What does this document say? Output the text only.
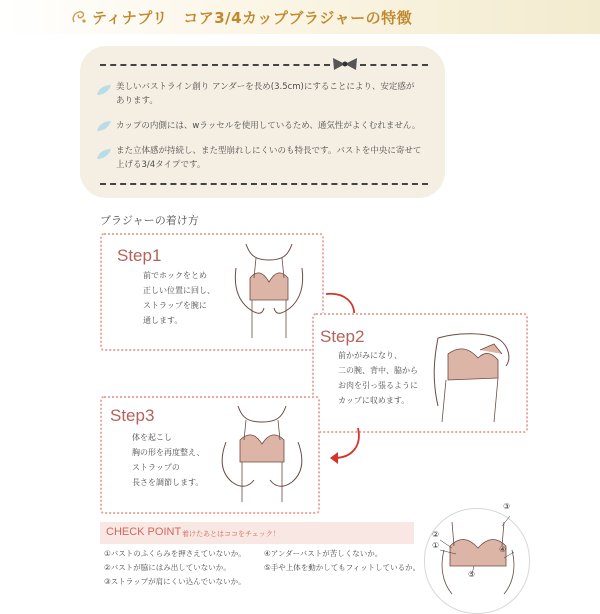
ティナプリ　コア3/4カップブラジャーの特徴
美しいバストライン創り アンダーを長め(3.5cm)にすることにより、安定感が
あります。
カップの内側には、wラッセルを使用しているため、通気性がよくむれません。
また立体感が持続し、また型崩れしにくいのも特長です。バストを中央に寄せて
上げる3/4タイプです。
ブラジャーの着け方
Step1
前でホックをとめ
正しい位置に回し、
ストラップを腕に
通します。
Step2
前かがみになり、
二の腕、背中、脇から
お肉を引っ張るように
カップに収めます。
Step3
体を起こし
胸の形を再度整え、
ストラップの
長さを調節します。
CHECK POINT 着けたあとはココをチェック！
①バストのふくらみを押さえていないか。
②バストが脇にはみ出していないか。
③ストラップが肩にくい込んでいないか。
④アンダーバストが苦しくないか。
⑤手や上体を動かしてもフィットしているか。
②
①
③
④
⑤
